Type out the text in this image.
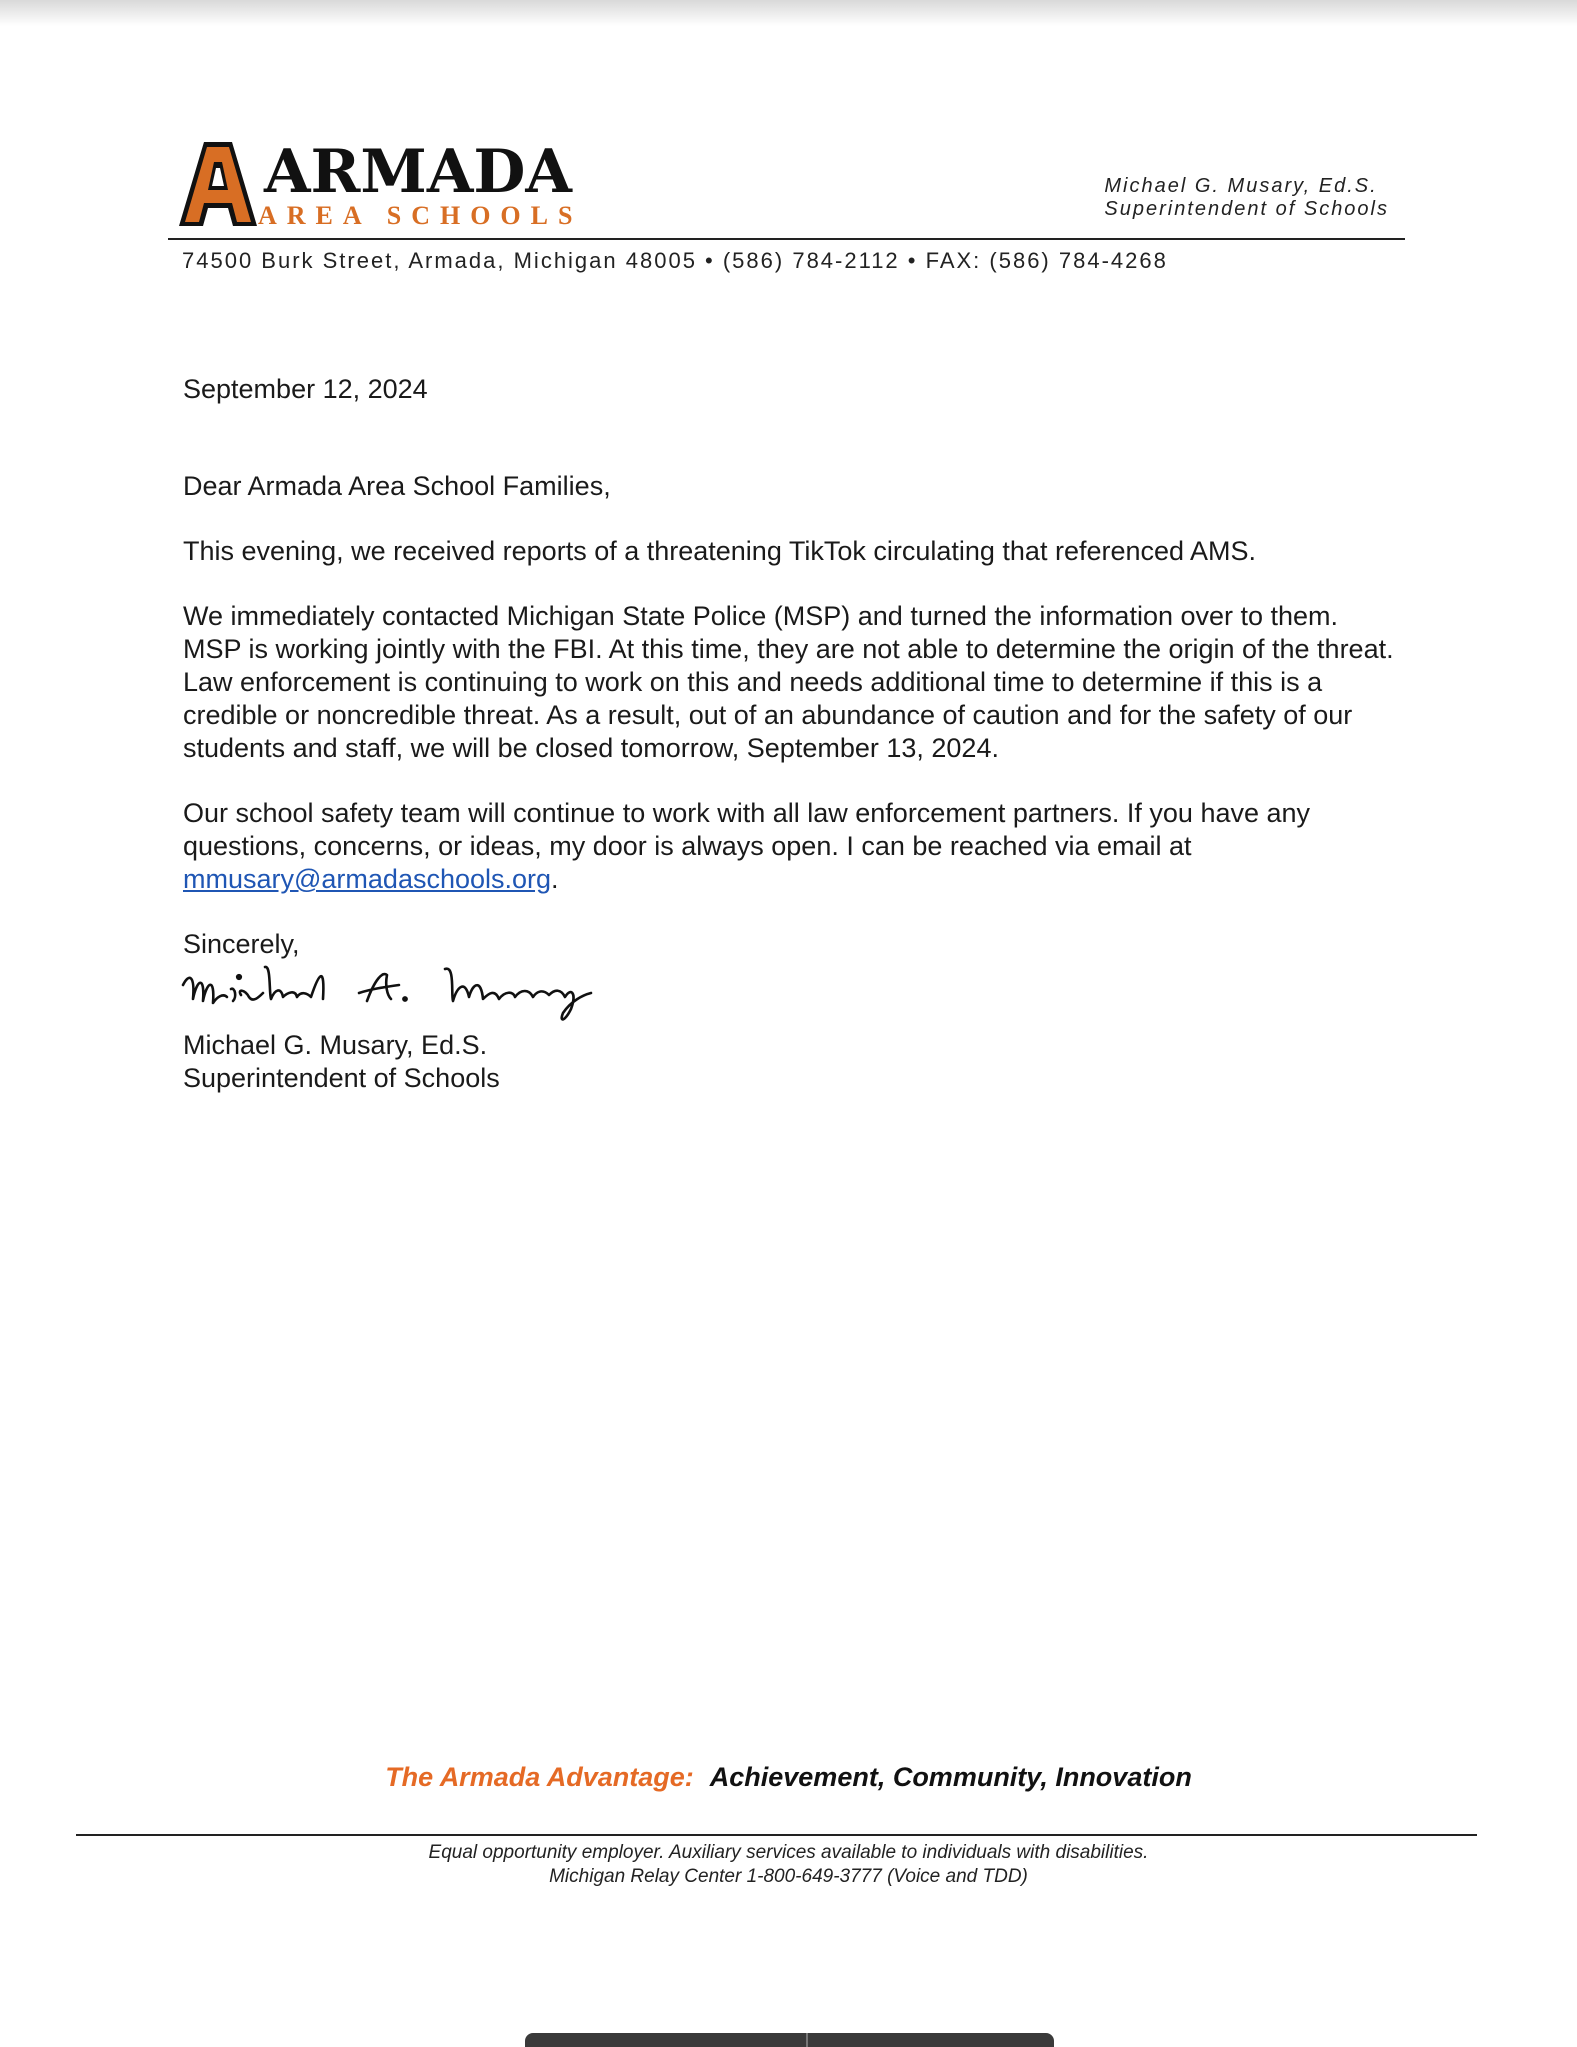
ARMADA
AREA SCHOOLS
Michael G. Musary, Ed.S.
Superintendent of Schools
74500 Burk Street, Armada, Michigan 48005 • (586) 784-2112 • FAX: (586) 784-4268

September 12, 2024

Dear Armada Area School Families,

This evening, we received reports of a threatening TikTok circulating that referenced AMS.

We immediately contacted Michigan State Police (MSP) and turned the information over to them. MSP is working jointly with the FBI. At this time, they are not able to determine the origin of the threat. Law enforcement is continuing to work on this and needs additional time to determine if this is a credible or noncredible threat. As a result, out of an abundance of caution and for the safety of our students and staff, we will be closed tomorrow, September 13, 2024.

Our school safety team will continue to work with all law enforcement partners. If you have any questions, concerns, or ideas, my door is always open. I can be reached via email at mmusary@armadaschools.org.

Sincerely,

Michael G. Musary, Ed.S.

Superintendent of Schools

The Armada Advantage: Achievement, Community, Innovation
Equal opportunity employer. Auxiliary services available to individuals with disabilities.
Michigan Relay Center 1-800-649-3777 (Voice and TDD)
